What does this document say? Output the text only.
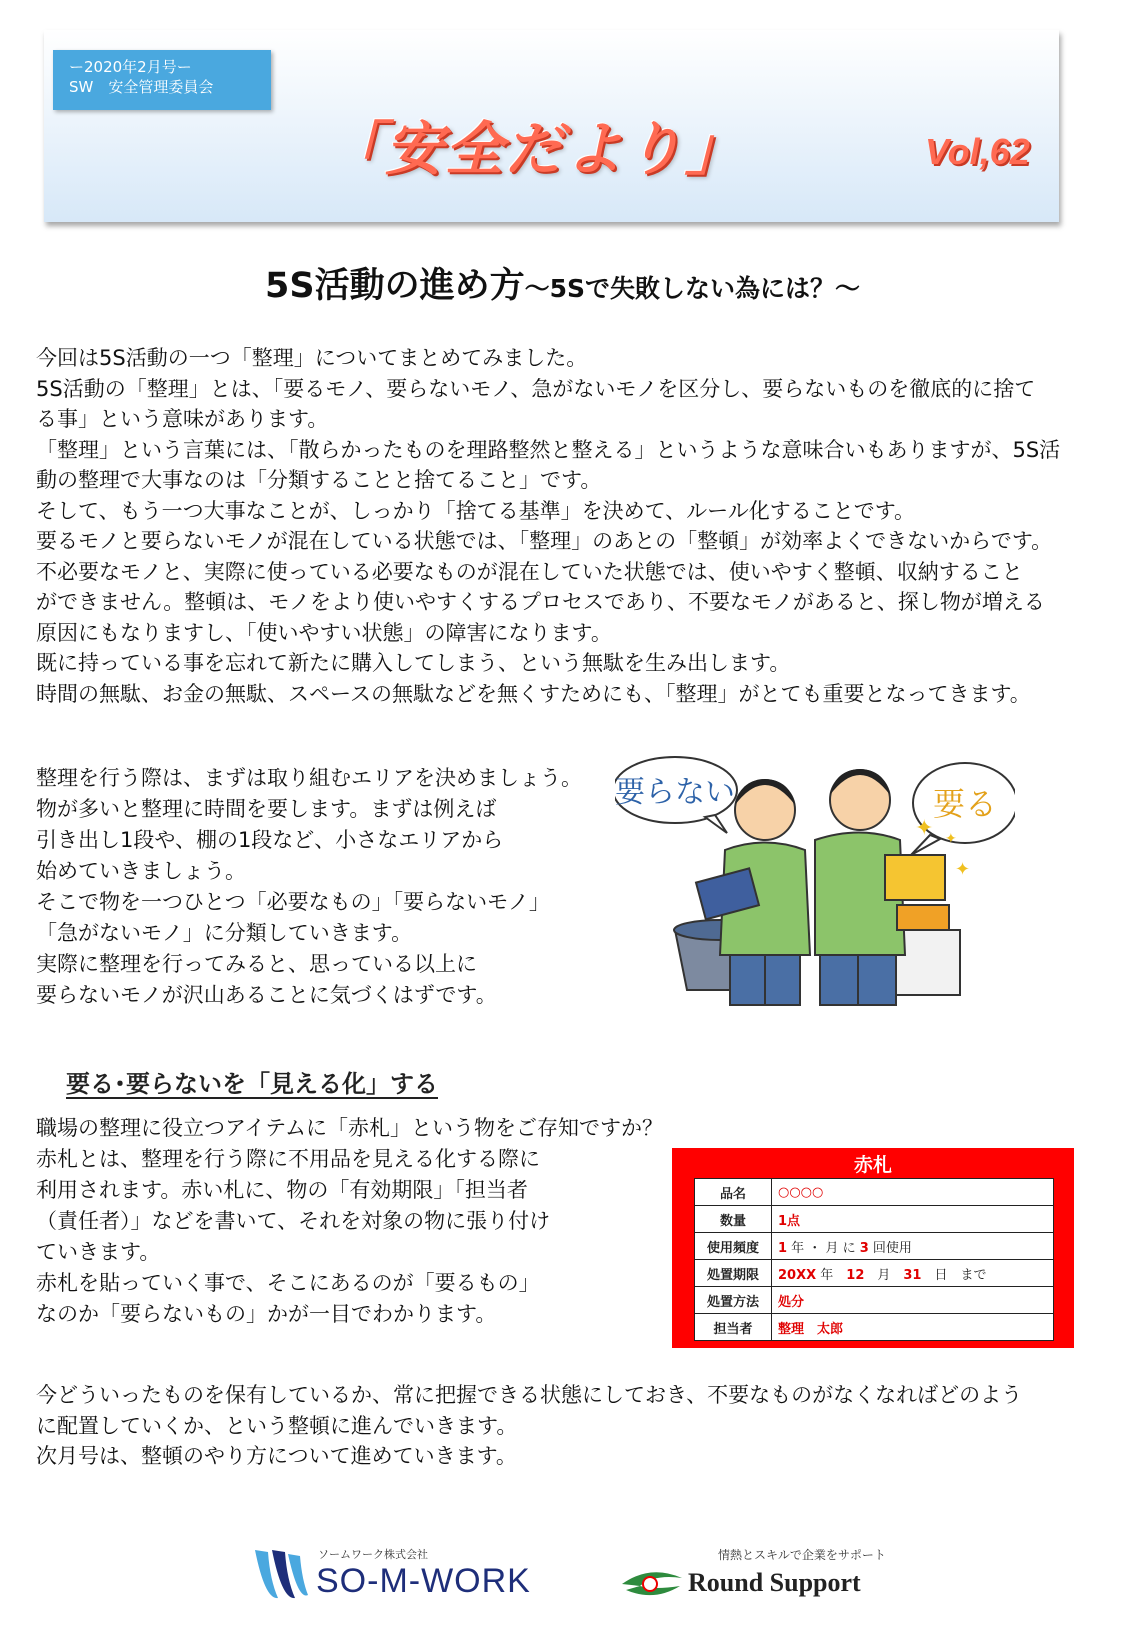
ー2020年2月号ー
SW　安全管理委員会
「安全だより」	Vol,62
5S活動の進め方～5Sで失敗しない為には？～
今回は5S活動の一つ「整理」についてまとめてみました。
5S活動の「整理」とは、「要るモノ、要らないモノ、急がないモノを区分し、要らないものを徹底的に捨て
る事」という意味があります。
「整理」という言葉には、「散らかったものを理路整然と整える」というような意味合いもありますが、5S活
動の整理で大事なのは「分類することと捨てること」です。
そして、もう一つ大事なことが、しっかり「捨てる基準」を決めて、ルール化することです。
要るモノと要らないモノが混在している状態では、「整理」のあとの「整頓」が効率よくできないからです。
不必要なモノと、実際に使っている必要なものが混在していた状態では、使いやすく整頓、収納すること
ができません。整頓は、モノをより使いやすくするプロセスであり、不要なモノがあると、探し物が増える
原因にもなりますし、「使いやすい状態」の障害になります。
既に持っている事を忘れて新たに購入してしまう、という無駄を生み出します。
時間の無駄、お金の無駄、スペースの無駄などを無くすためにも、「整理」がとても重要となってきます。
整理を行う際は、まずは取り組むエリアを決めましょう。
物が多いと整理に時間を要します。まずは例えば
引き出し1段や、棚の1段など、小さなエリアから
始めていきましょう。
そこで物を一つひとつ「必要なもの」「要らないモノ」
「急がないモノ」に分類していきます。
実際に整理を行ってみると、思っている以上に
要らないモノが沢山あることに気づくはずです。
要らない	要る
✦
✦
✦
要る･要らないを「見える化」する
職場の整理に役立つアイテムに「赤札」という物をご存知ですか？
赤札とは、整理を行う際に不用品を見える化する際に
利用されます。赤い札に、物の「有効期限」「担当者
（責任者）」などを書いて、それを対象の物に張り付け
ていきます。
赤札を貼っていく事で、そこにあるのが「要るもの」
なのか「要らないもの」かが一目でわかります。
赤札
品名	○○○○
数量	1点
使用頻度	1 年 ・ 月 に 3 回使用
処置期限	20XX 年　12　月　31　日　まで
処置方法	処分
担当者	整理　太郎
今どういったものを保有しているか、常に把握できる状態にしておき、不要なものがなくなればどのよう
に配置していくか、という整頓に進んでいきます。
次月号は、整頓のやり方について進めていきます。
ソームワーク株式会社
SO-M-WORK
情熱とスキルで企業をサポート
Round Support
